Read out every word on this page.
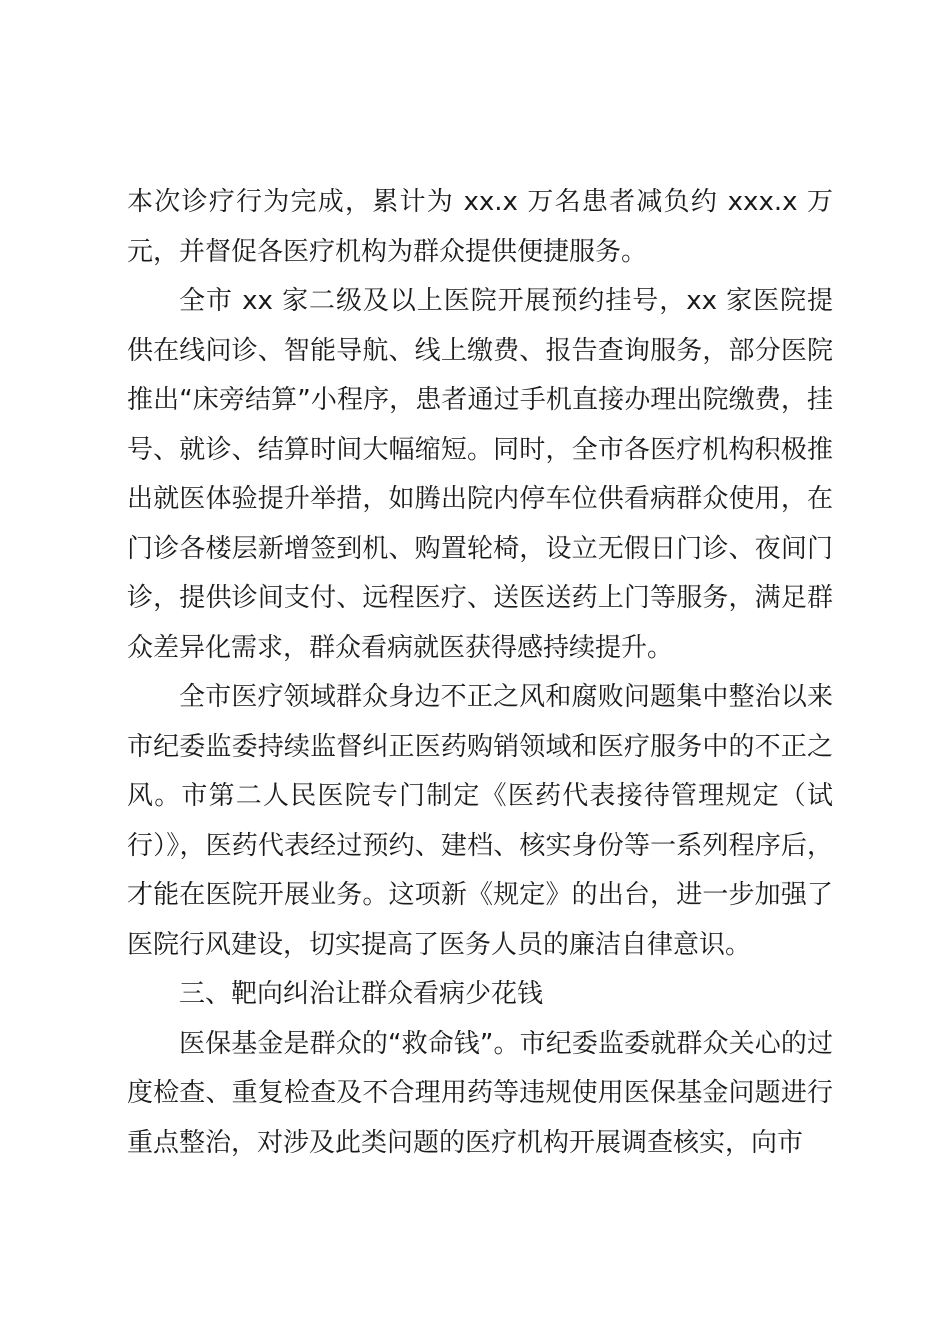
本次诊疗行为完成，累计为 xx.x 万名患者减负约 xxx.x 万元，并督促各医疗机构为群众提供便捷服务。

全市 xx 家二级及以上医院开展预约挂号，xx 家医院提供在线问诊、智能导航、线上缴费、报告查询服务，部分医院推出“床旁结算”小程序，患者通过手机直接办理出院缴费，挂号、就诊、结算时间大幅缩短。同时，全市各医疗机构积极推出就医体验提升举措，如腾出院内停车位供看病群众使用，在门诊各楼层新增签到机、购置轮椅，设立无假日门诊、夜间门诊，提供诊间支付、远程医疗、送医送药上门等服务，满足群众差异化需求，群众看病就医获得感持续提升。

全市医疗领域群众身边不正之风和腐败问题集中整治以来市纪委监委持续监督纠正医药购销领域和医疗服务中的不正之风。市第二人民医院专门制定《医药代表接待管理规定（试行）》，医药代表经过预约、建档、核实身份等一系列程序后，才能在医院开展业务。这项新《规定》的出台，进一步加强了医院行风建设，切实提高了医务人员的廉洁自律意识。

三、靶向纠治让群众看病少花钱

医保基金是群众的“救命钱”。市纪委监委就群众关心的过度检查、重复检查及不合理用药等违规使用医保基金问题进行重点整治，对涉及此类问题的医疗机构开展调查核实，向市
